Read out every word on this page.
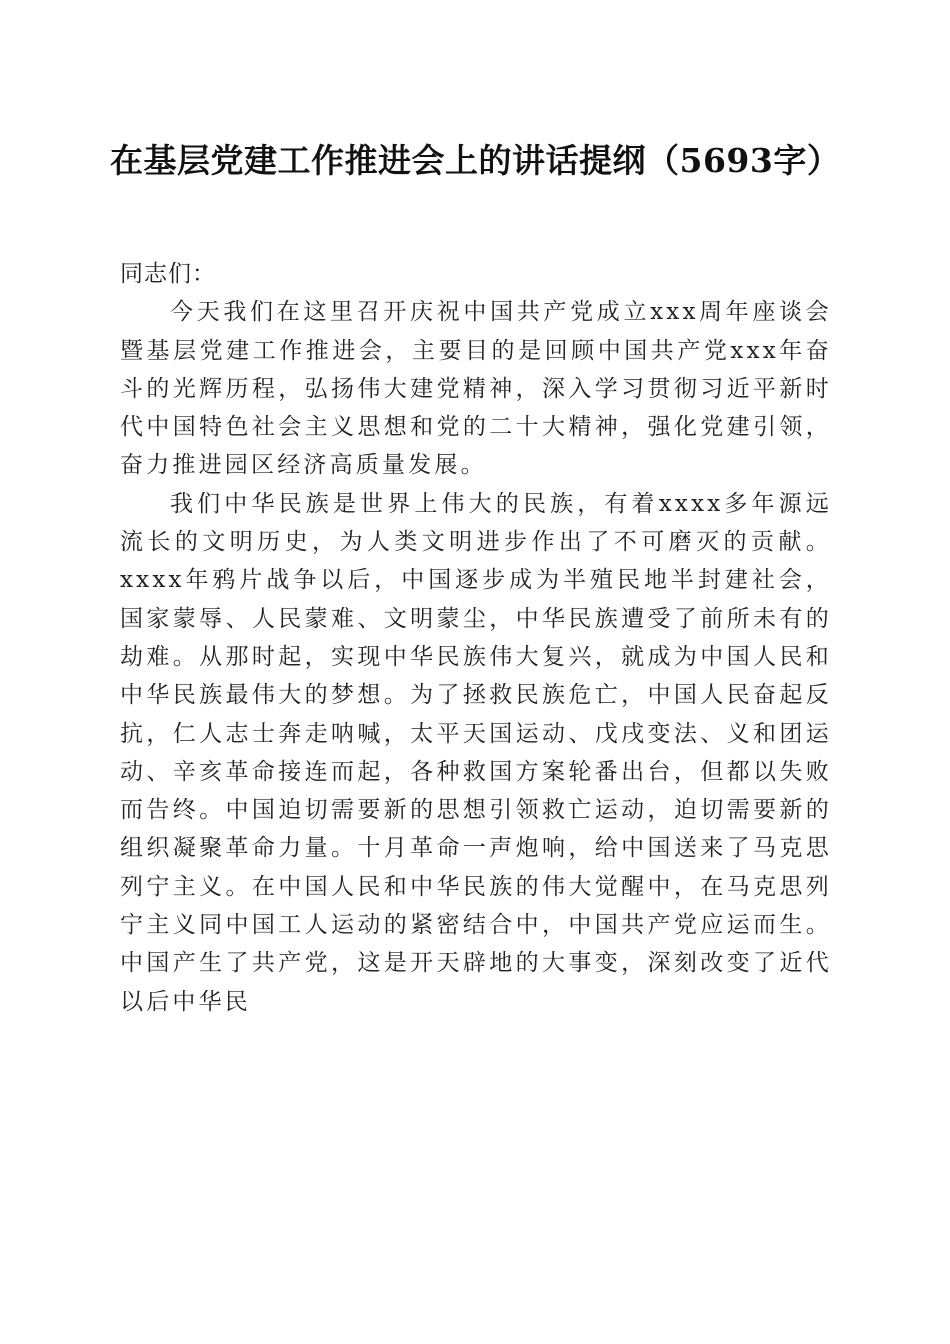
在基层党建工作推进会上的讲话提纲（5693字）

同志们：

今天我们在这里召开庆祝中国共产党成立xxx周年座谈会暨基层党建工作推进会，主要目的是回顾中国共产党xxx年奋斗的光辉历程，弘扬伟大建党精神，深入学习贯彻习近平新时代中国特色社会主义思想和党的二十大精神，强化党建引领，奋力推进园区经济高质量发展。

我们中华民族是世界上伟大的民族，有着xxxx多年源远流长的文明历史，为人类文明进步作出了不可磨灭的贡献。xxxx年鸦片战争以后，中国逐步成为半殖民地半封建社会，国家蒙辱、人民蒙难、文明蒙尘，中华民族遭受了前所未有的劫难。从那时起，实现中华民族伟大复兴，就成为中国人民和中华民族最伟大的梦想。为了拯救民族危亡，中国人民奋起反抗，仁人志士奔走呐喊，太平天国运动、戊戌变法、义和团运动、辛亥革命接连而起，各种救国方案轮番出台，但都以失败而告终。中国迫切需要新的思想引领救亡运动，迫切需要新的组织凝聚革命力量。十月革命一声炮响，给中国送来了马克思列宁主义。在中国人民和中华民族的伟大觉醒中，在马克思列宁主义同中国工人运动的紧密结合中，中国共产党应运而生。中国产生了共产党，这是开天辟地的大事变，深刻改变了近代以后中华民
